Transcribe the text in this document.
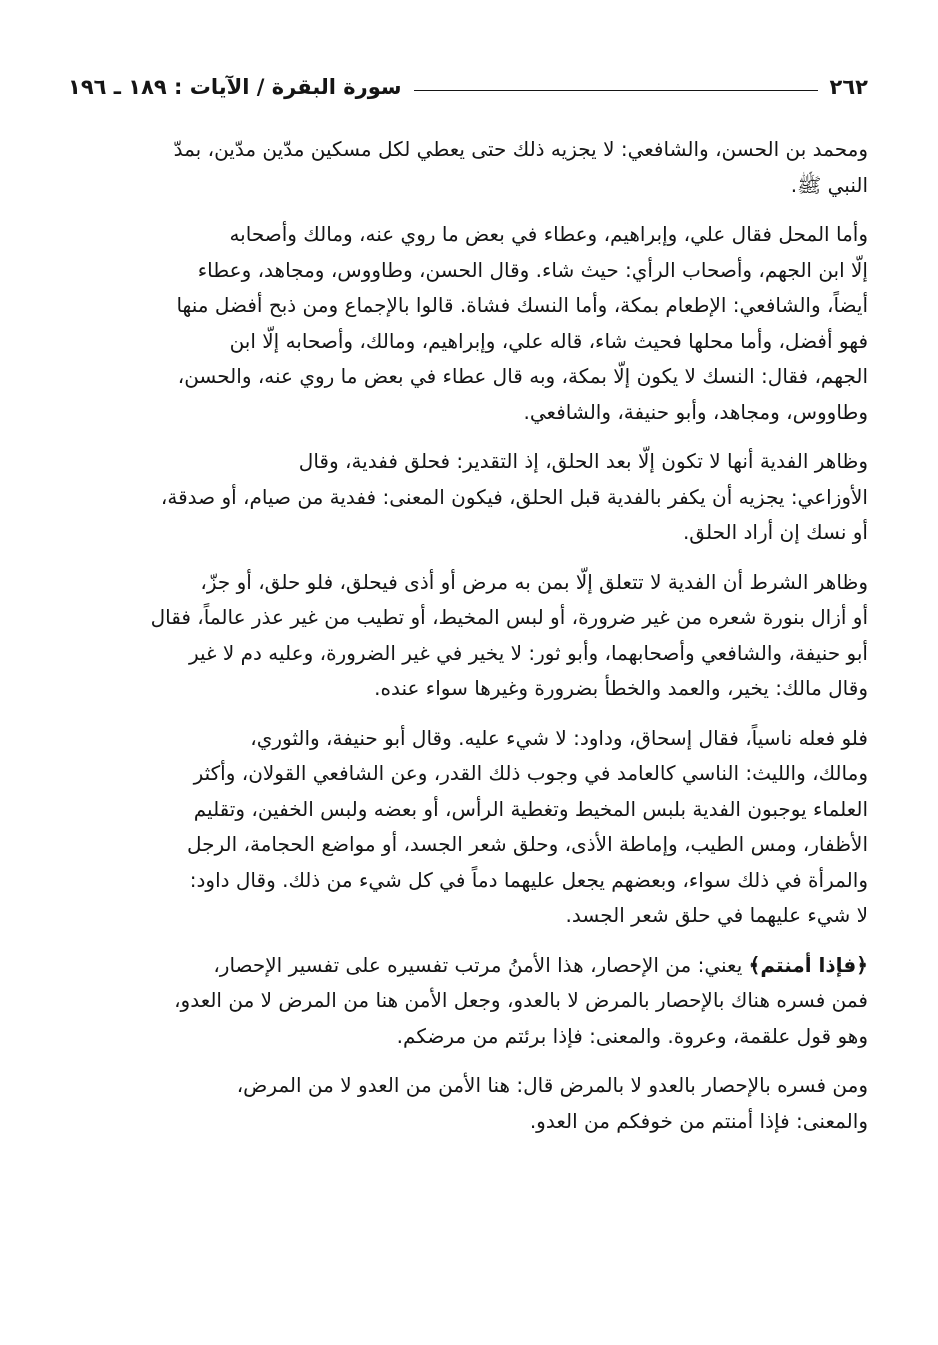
٢٦٢
سورة البقرة / الآيات : ١٨٩ ـ ١٩٦

ومحمد بن الحسن، والشافعي: لا يجزيه ذلك حتى يعطي لكل مسكين مدّين مدّين، بمدّ
النبي ﷺ.

وأما المحل فقال علي، وإبراهيم، وعطاء في بعض ما روي عنه، ومالك وأصحابه
إلّا ابن الجهم، وأصحاب الرأي: حيث شاء. وقال الحسن، وطاووس، ومجاهد، وعطاء
أيضاً، والشافعي: الإطعام بمكة، وأما النسك فشاة. قالوا بالإجماع ومن ذبح أفضل منها
فهو أفضل، وأما محلها فحيث شاء، قاله علي، وإبراهيم، ومالك، وأصحابه إلّا ابن
الجهم، فقال: النسك لا يكون إلّا بمكة، وبه قال عطاء في بعض ما روي عنه، والحسن،
وطاووس، ومجاهد، وأبو حنيفة، والشافعي.

وظاهر الفدية أنها لا تكون إلّا بعد الحلق، إذ التقدير: فحلق ففدية، وقال
الأوزاعي: يجزيه أن يكفر بالفدية قبل الحلق، فيكون المعنى: ففدية من صيام، أو صدقة،
أو نسك إن أراد الحلق.

وظاهر الشرط أن الفدية لا تتعلق إلّا بمن به مرض أو أذى فيحلق، فلو حلق، أو جزّ،
أو أزال بنورة شعره من غير ضرورة، أو لبس المخيط، أو تطيب من غير عذر عالماً، فقال
أبو حنيفة، والشافعي وأصحابهما، وأبو ثور: لا يخير في غير الضرورة، وعليه دم لا غير
وقال مالك: يخير، والعمد والخطأ بضرورة وغيرها سواء عنده.

فلو فعله ناسياً، فقال إسحاق، وداود: لا شيء عليه. وقال أبو حنيفة، والثوري،
ومالك، والليث: الناسي كالعامد في وجوب ذلك القدر، وعن الشافعي القولان، وأكثر
العلماء يوجبون الفدية بلبس المخيط وتغطية الرأس، أو بعضه ولبس الخفين، وتقليم
الأظفار، ومس الطيب، وإماطة الأذى، وحلق شعر الجسد، أو مواضع الحجامة، الرجل
والمرأة في ذلك سواء، وبعضهم يجعل عليهما دماً في كل شيء من ذلك. وقال داود:
لا شيء عليهما في حلق شعر الجسد.

﴿فإذا أمنتم﴾ يعني: من الإحصار، هذا الأمنُ مرتب تفسيره على تفسير الإحصار،
فمن فسره هناك بالإحصار بالمرض لا بالعدو، وجعل الأمن هنا من المرض لا من العدو،
وهو قول علقمة، وعروة. والمعنى: فإذا برئتم من مرضكم.

ومن فسره بالإحصار بالعدو لا بالمرض قال: هنا الأمن من العدو لا من المرض،
والمعنى: فإذا أمنتم من خوفكم من العدو.
